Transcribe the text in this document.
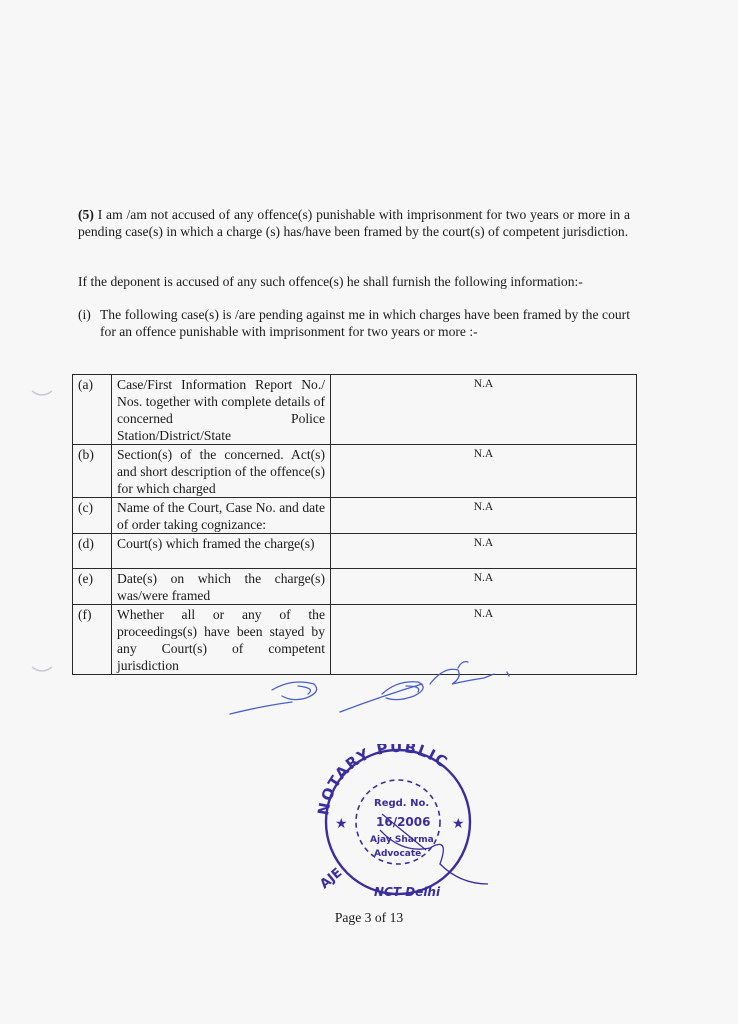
(5) I am /am not accused of any offence(s) punishable with imprisonment for two years or more in a pending case(s) in which a charge (s) has/have been framed by the court(s) of competent jurisdiction.
If the deponent is accused of any such offence(s) he shall furnish the following information:-
(i) The following case(s) is /are pending against me in which charges have been framed by the court for an offence punishable with imprisonment for two years or more :-
(a)	Case/First Information Report No./ Nos. together with complete details of concerned Police Station/District/State	N.A
(b)	Section(s) of the concerned. Act(s) and short description of the offence(s) for which charged	N.A
(c)	Name of the Court, Case No. and date of order taking cognizance:	N.A
(d)	Court(s) which framed the charge(s)	N.A
(e)	Date(s) on which the charge(s) was/were framed	N.A
(f)	Whether all or any of the proceedings(s) have been stayed by any Court(s) of competent jurisdiction	N.A
NOTARY PUBLIC
AJE NCT Delhi
★	★
Regd. No.
16/2006
Ajay Sharma
Advocate
Page 3 of 13
